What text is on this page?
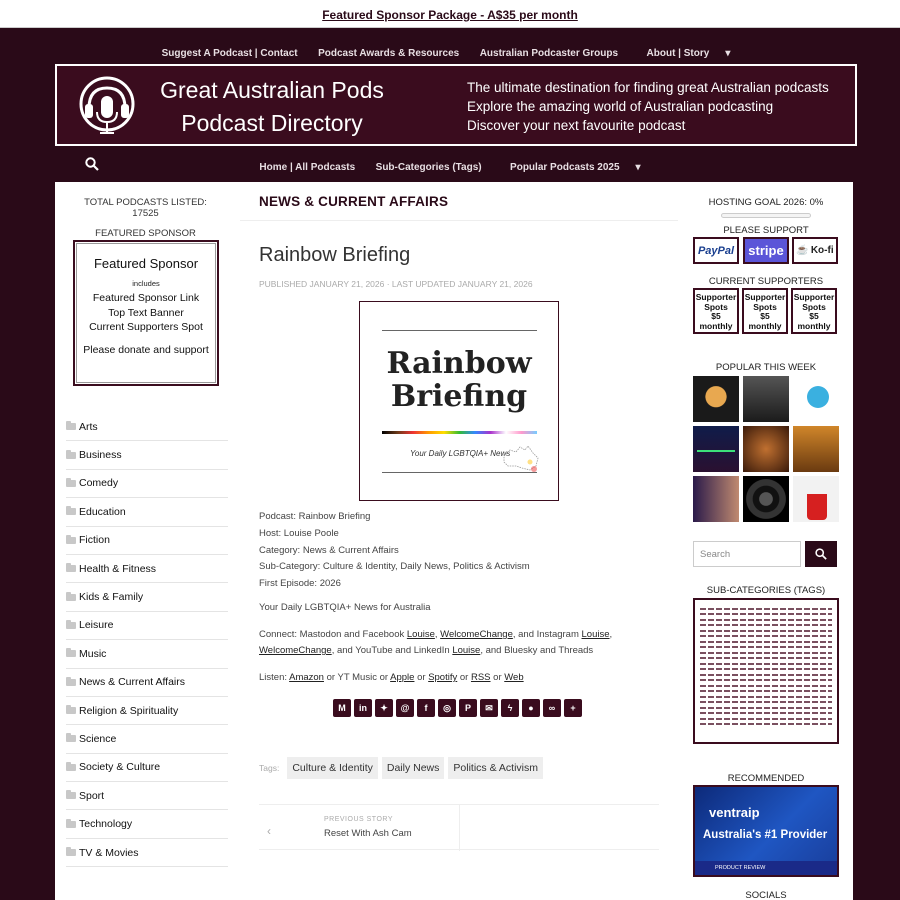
Featured Sponsor Package - A$35 per month
Suggest A Podcast | Contact Podcast Awards & Resources Australian Podcaster Groups	About | Story ▾
Great Australian Pods
Podcast Directory
The ultimate destination for finding great Australian podcasts
Explore the amazing world of Australian podcasting
Discover your next favourite podcast
Home | All Podcasts Sub-Categories (Tags)	Popular Podcasts 2025 ▾
TOTAL PODCASTS LISTED: 17525
FEATURED SPONSOR
Featured Sponsor
includes
Featured Sponsor Link
Top Text Banner
Current Supporters Spot
Please donate and support
Arts
Business
Comedy
Education
Fiction
Health & Fitness
Kids & Family
Leisure
Music
News & Current Affairs
Religion & Spirituality
Science
Society & Culture
Sport
Technology
TV & Movies
NEWS & CURRENT AFFAIRS
Rainbow Briefing
PUBLISHED JANUARY 21, 2026 · LAST UPDATED JANUARY 21, 2026
Rainbow
Briefing
Your Daily LGBTQIA+ News
Podcast: Rainbow Briefing
Host: Louise Poole
Category: News & Current Affairs
Sub-Category: Culture & Identity, Daily News, Politics & Activism
First Episode: 2026
Your Daily LGBTQIA+ News for Australia
Connect: Mastodon and Facebook Louise, WelcomeChange, and Instagram Louise, WelcomeChange, and YouTube and LinkedIn Louise, and Bluesky and Threads
Listen: Amazon or YT Music or Apple or Spotify or RSS or Web
M	in	✦	@	f	◎	P	✉	ϟ	●	∞	+
Tags:	Culture & Identity	Daily News	Politics & Activism
‹
PREVIOUS STORY
Reset With Ash Cam
HOSTING GOAL 2026: 0%
PLEASE SUPPORT
PayPal	stripe	☕ Ko-fi
CURRENT SUPPORTERS
Supporter
Spots
$5
monthly
Supporter
Spots
$5
monthly
Supporter
Spots
$5
monthly
POPULAR THIS WEEK
Search
SUB-CATEGORIES (TAGS)
RECOMMENDED
ventraip
Australia's #1 Provider
PRODUCT REVIEW
SOCIALS
